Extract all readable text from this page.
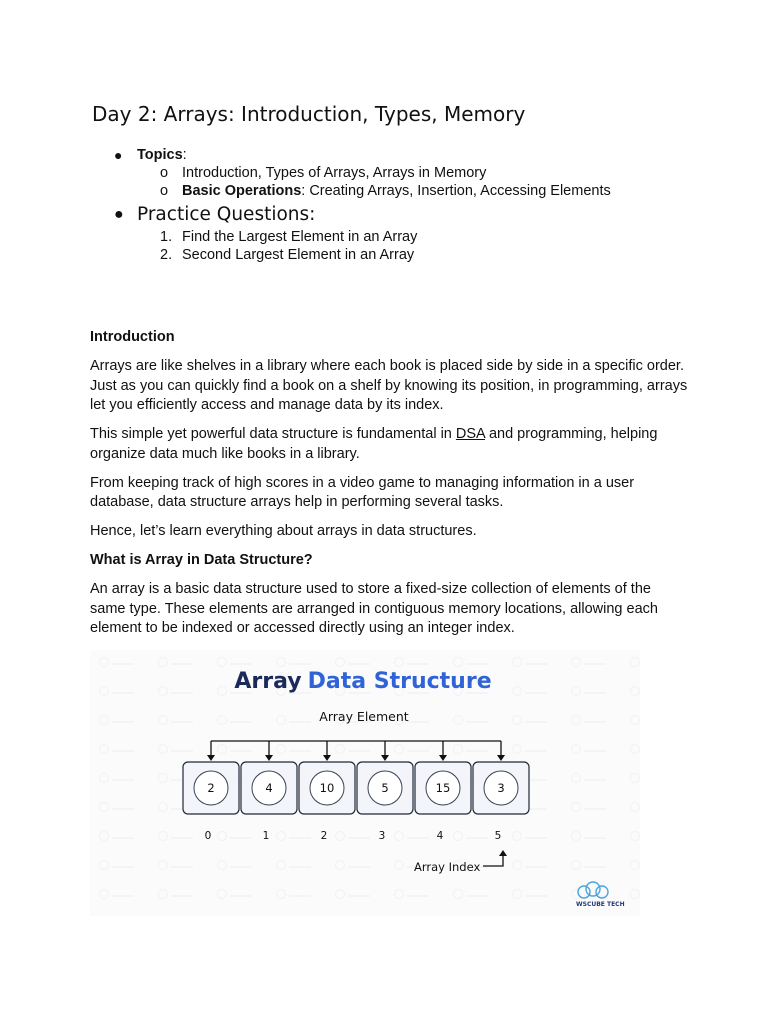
Day 2: Arrays: Introduction, Types, Memory
● Topics:
o Introduction, Types of Arrays, Arrays in Memory
o Basic Operations: Creating Arrays, Insertion, Accessing Elements
● Practice Questions:
1. Find the Largest Element in an Array
2. Second Largest Element in an Array

Introduction

Arrays are like shelves in a library where each book is placed side by side in a specific order. Just as you can quickly find a book on a shelf by knowing its position, in programming, arrays let you efficiently access and manage data by its index.

This simple yet powerful data structure is fundamental in DSA and programming, helping organize data much like books in a library.

From keeping track of high scores in a video game to managing information in a user database, data structure arrays help in performing several tasks.

Hence, let’s learn everything about arrays in data structures.

What is Array in Data Structure?

An array is a basic data structure used to store a fixed-size collection of elements of the same type. These elements are arranged in contiguous memory locations, allowing each element to be indexed or accessed directly using an integer index.

Array Data Structure
Array Element
2
0
4
1
10
2
5
3
15
4
3
5
Array Index
WSCUBE TECH
